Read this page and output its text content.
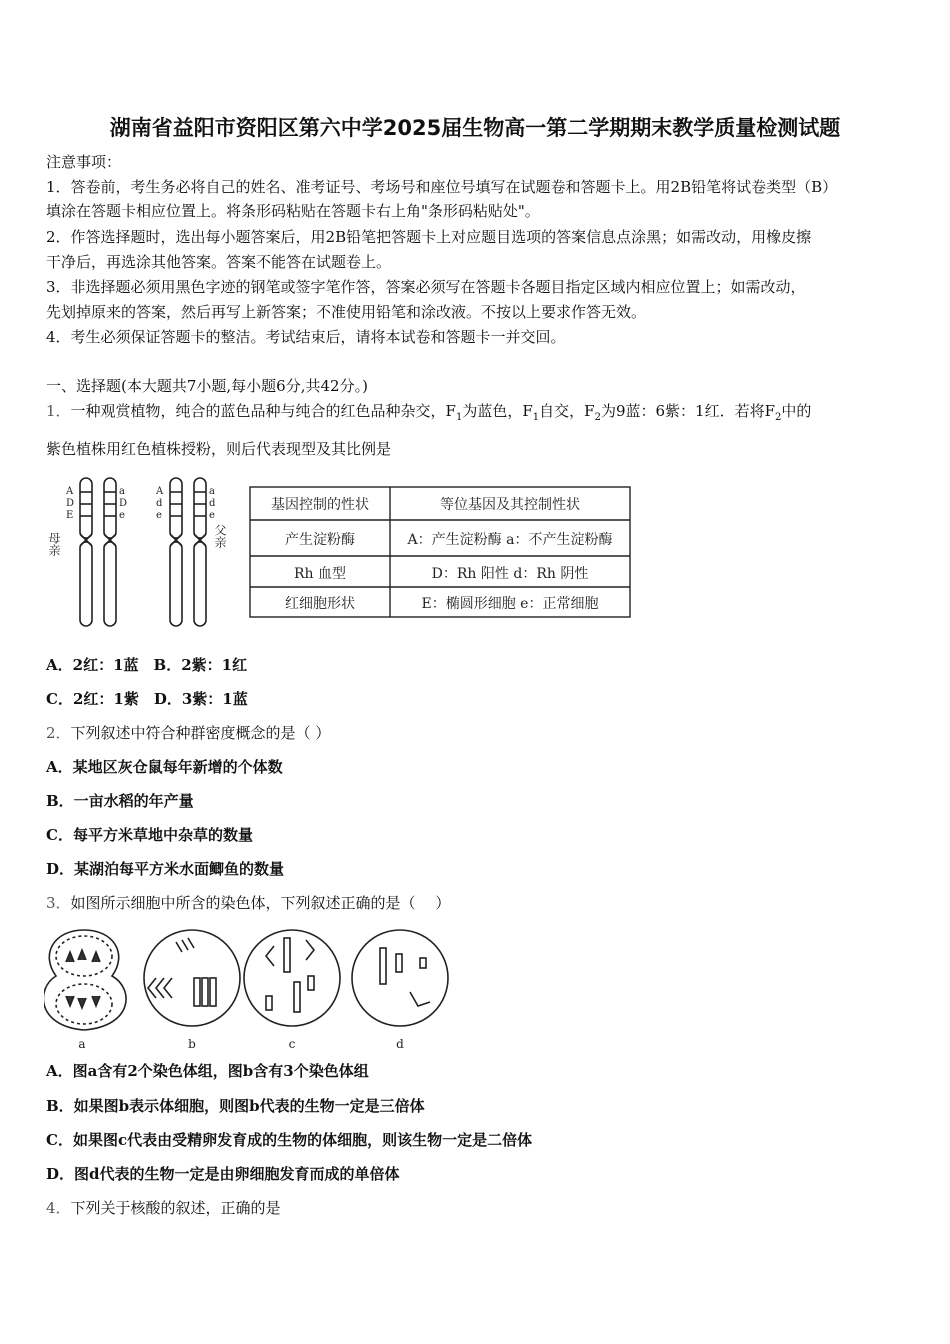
湖南省益阳市资阳区第六中学2025届生物高一第二学期期末教学质量检测试题
注意事项：
1．答卷前，考生务必将自己的姓名、准考证号、考场号和座位号填写在试题卷和答题卡上。用2B铅笔将试卷类型（B）
填涂在答题卡相应位置上。将条形码粘贴在答题卡右上角"条形码粘贴处"。
2．作答选择题时，选出每小题答案后，用2B铅笔把答题卡上对应题目选项的答案信息点涂黑；如需改动，用橡皮擦
干净后，再选涂其他答案。答案不能答在试题卷上。
3．非选择题必须用黑色字迹的钢笔或签字笔作答，答案必须写在答题卡各题目指定区域内相应位置上；如需改动，
先划掉原来的答案，然后再写上新答案；不准使用铅笔和涂改液。不按以上要求作答无效。
4．考生必须保证答题卡的整洁。考试结束后，请将本试卷和答题卡一并交回。
一、选择题(本大题共7小题,每小题6分,共42分。)
1．一种观赏植物，纯合的蓝色品种与纯合的红色品种杂交，$F_1$为蓝色，$F_1$自交，$F_2$为9蓝：6紫：1红．若将$F_2$中的
紫色植株用红色植株授粉，则后代表现型及其比例是
A
D
E
a
D
e
母亲
A
d
e
a
d
e
父亲
基因控制的性状	等位基因及其控制性状
产生淀粉酶	A：产生淀粉酶 a：不产生淀粉酶
Rh 血型	D：Rh 阳性 d：Rh 阴性
红细胞形状	E：椭圆形细胞 e：正常细胞
A．2红：1蓝　B．2紫：1红
C．2红：1紫　D．3紫：1蓝
2．下列叙述中符合种群密度概念的是（ ）
A．某地区灰仓鼠每年新增的个体数
B．一亩水稻的年产量
C．每平方米草地中杂草的数量
D．某湖泊每平方米水面鲫鱼的数量
3．如图所示细胞中所含的染色体，下列叙述正确的是（　 ）
a	b	c	d
A．图a含有2个染色体组，图b含有3个染色体组
B．如果图b表示体细胞，则图b代表的生物一定是三倍体
C．如果图c代表由受精卵发育成的生物的体细胞，则该生物一定是二倍体
D．图d代表的生物一定是由卵细胞发育而成的单倍体
4．下列关于核酸的叙述，正确的是
